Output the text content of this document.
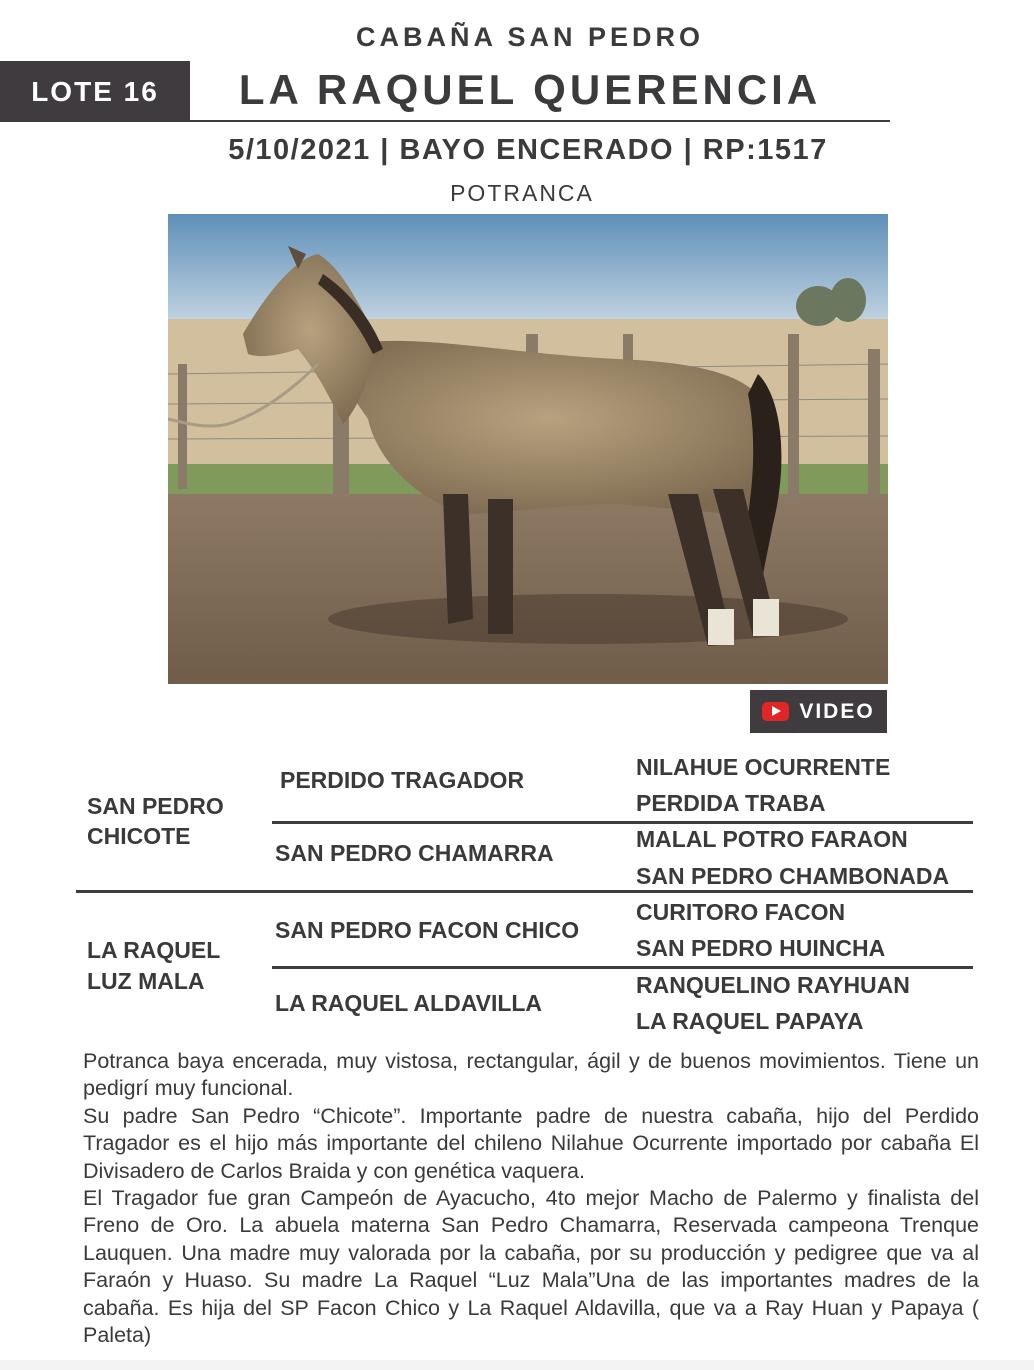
CABAÑA SAN PEDRO
LOTE 16	LA RAQUEL QUERENCIA
5/10/2021 | BAYO ENCERADO | RP:1517
POTRANCA
VIDEO
SAN PEDRO
CHICOTE
PERDIDO TRAGADOR	NILAHUE OCURRENTE
PERDIDA TRABA
SAN PEDRO CHAMARRA
MALAL POTRO FARAON
SAN PEDRO CHAMBONADA
LA RAQUEL
LUZ MALA
SAN PEDRO FACON CHICO
CURITORO FACON
SAN PEDRO HUINCHA
LA RAQUEL ALDAVILLA
RANQUELINO RAYHUAN
LA RAQUEL PAPAYA

Potranca baya encerada, muy vistosa, rectangular, ágil y de buenos movimientos. Tiene un pedigrí muy funcional.

Su padre San Pedro “Chicote”. Importante padre de nuestra cabaña, hijo del Perdido Tragador es el hijo más importante del chileno Nilahue Ocurrente importado por cabaña El Divisadero de Carlos Braida y con genética vaquera.

El Tragador fue gran Campeón de Ayacucho, 4to mejor Macho de Palermo y finalista del Freno de Oro. La abuela materna San Pedro Chamarra, Reservada campeona Trenque Lauquen. Una madre muy valorada por la cabaña, por su producción y pedigree que va al Faraón y Huaso. Su madre La Raquel “Luz Mala”Una de las importantes madres de la cabaña. Es hija del SP Facon Chico y La Raquel Aldavilla, que va a Ray Huan y Papaya ( Paleta)
